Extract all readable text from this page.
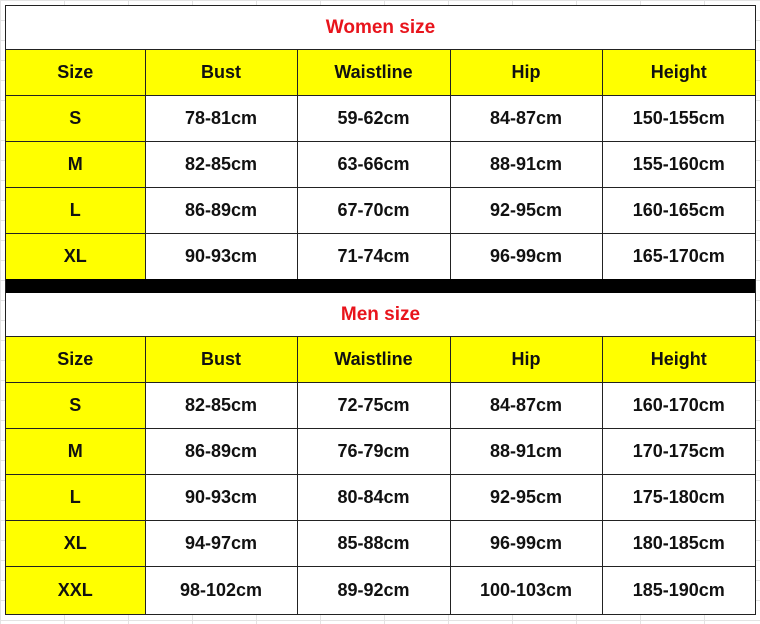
Women size
Size	Bust	Waistline	Hip	Height
S	78-81cm	59-62cm	84-87cm	150-155cm
M	82-85cm	63-66cm	88-91cm	155-160cm
L	86-89cm	67-70cm	92-95cm	160-165cm
XL	90-93cm	71-74cm	96-99cm	165-170cm
Men size
Size	Bust	Waistline	Hip	Height
S	82-85cm	72-75cm	84-87cm	160-170cm
M	86-89cm	76-79cm	88-91cm	170-175cm
L	90-93cm	80-84cm	92-95cm	175-180cm
XL	94-97cm	85-88cm	96-99cm	180-185cm
XXL	98-102cm	89-92cm	100-103cm	185-190cm
